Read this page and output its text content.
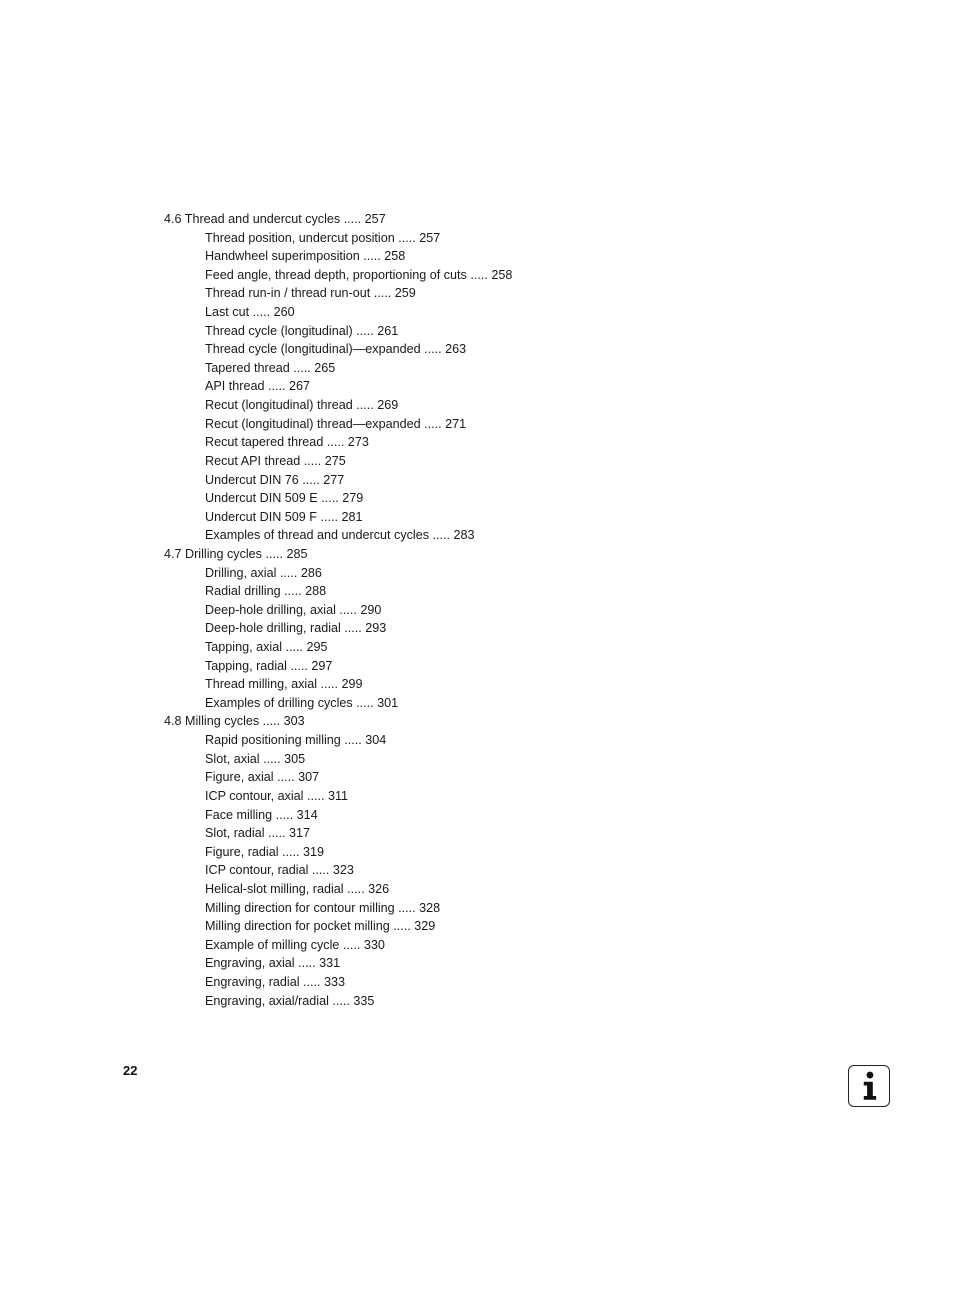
4.6 Thread and undercut cycles ..... 257
Thread position, undercut position ..... 257
Handwheel superimposition ..... 258
Feed angle, thread depth, proportioning of cuts ..... 258
Thread run-in / thread run-out ..... 259
Last cut ..... 260
Thread cycle (longitudinal) ..... 261
Thread cycle (longitudinal)—expanded ..... 263
Tapered thread ..... 265
API thread ..... 267
Recut (longitudinal) thread ..... 269
Recut (longitudinal) thread—expanded ..... 271
Recut tapered thread ..... 273
Recut API thread ..... 275
Undercut DIN 76 ..... 277
Undercut DIN 509 E ..... 279
Undercut DIN 509 F ..... 281
Examples of thread and undercut cycles ..... 283
4.7 Drilling cycles ..... 285
Drilling, axial ..... 286
Radial drilling ..... 288
Deep-hole drilling, axial ..... 290
Deep-hole drilling, radial ..... 293
Tapping, axial ..... 295
Tapping, radial ..... 297
Thread milling, axial ..... 299
Examples of drilling cycles ..... 301
4.8 Milling cycles ..... 303
Rapid positioning milling ..... 304
Slot, axial ..... 305
Figure, axial ..... 307
ICP contour, axial ..... 311
Face milling ..... 314
Slot, radial ..... 317
Figure, radial ..... 319
ICP contour, radial ..... 323
Helical-slot milling, radial ..... 326
Milling direction for contour milling ..... 328
Milling direction for pocket milling ..... 329
Example of milling cycle ..... 330
Engraving, axial ..... 331
Engraving, radial ..... 333
Engraving, axial/radial ..... 335
22
